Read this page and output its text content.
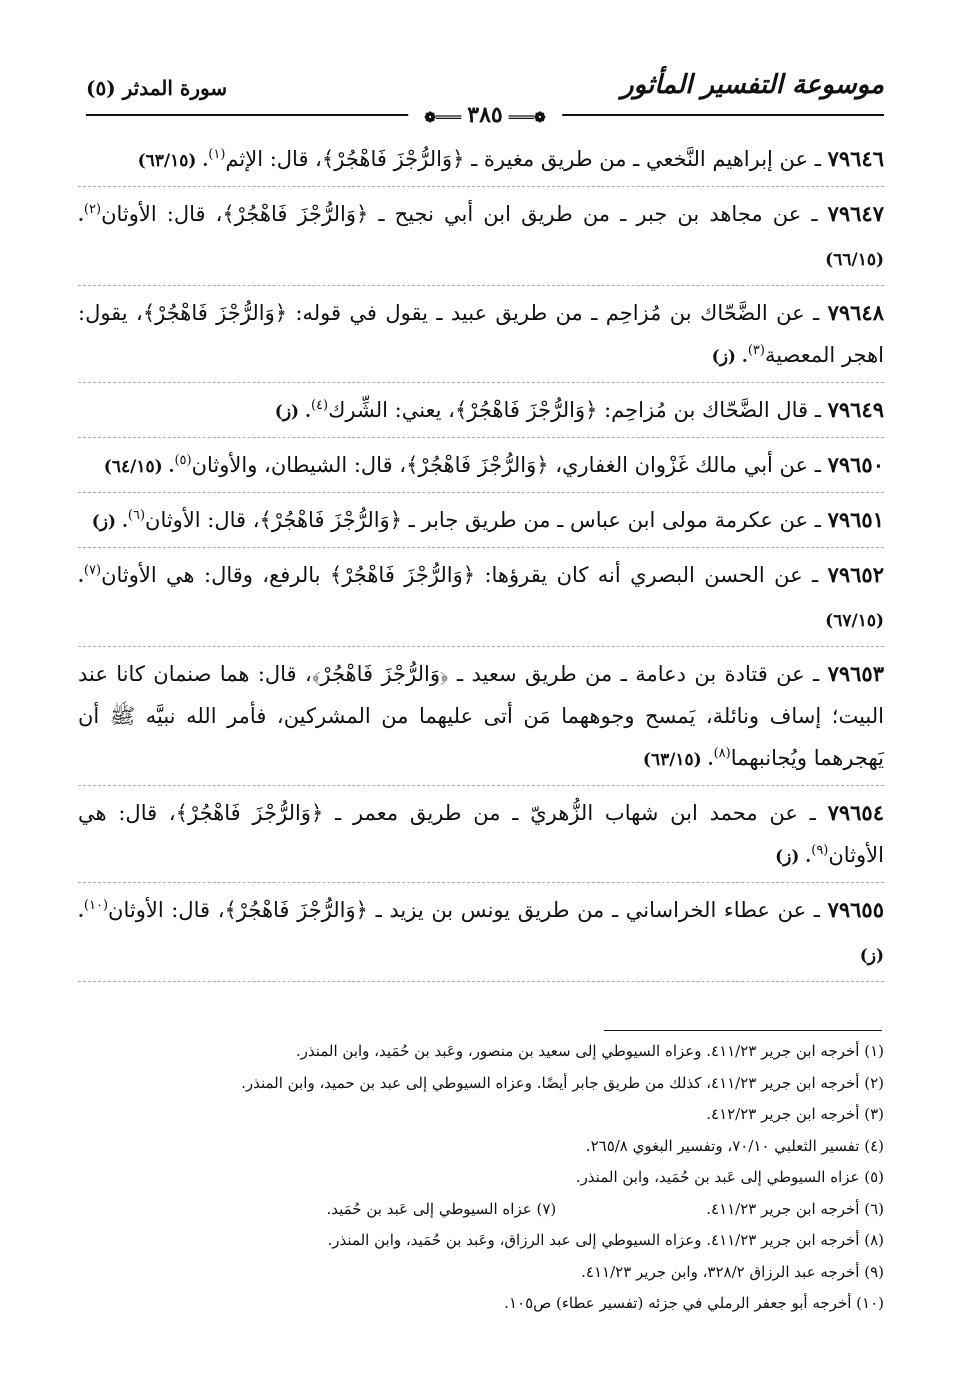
موسوعة التفسير المأثور
سورة المدثر (٥)
❁═══٣٨٥═══❁

٧٩٦٤٦ ـ عن إبراهيم النَّخعي ـ من طريق مغيرة ـ ﴿وَالرُّجْزَ فَاهْجُرْ﴾، قال: الإثم$^{(١)}$. (٦٣/١٥)

٧٩٦٤٧ ـ عن مجاهد بن جبر ـ من طريق ابن أبي نجيح ـ ﴿وَالرُّجْزَ فَاهْجُرْ﴾، قال: الأوثان$^{(٢)}$. (٦٦/١٥)

٧٩٦٤٨ ـ عن الضَّحّاك بن مُزاحِم ـ من طريق عبيد ـ يقول في قوله: ﴿وَالرُّجْزَ فَاهْجُرْ﴾، يقول: اهجر المعصية$^{(٣)}$. (ز)

٧٩٦٤٩ ـ قال الضَّحّاك بن مُزاحِم: ﴿وَالرُّجْزَ فَاهْجُرْ﴾، يعني: الشِّرك$^{(٤)}$. (ز)

٧٩٦٥٠ ـ عن أبي مالك غَزْوان الغفاري، ﴿وَالرُّجْزَ فَاهْجُرْ﴾، قال: الشيطان، والأوثان$^{(٥)}$. (٦٤/١٥)

٧٩٦٥١ ـ عن عكرمة مولى ابن عباس ـ من طريق جابر ـ ﴿وَالرُّجْزَ فَاهْجُرْ﴾، قال: الأوثان$^{(٦)}$. (ز)

٧٩٦٥٢ ـ عن الحسن البصري أنه كان يقرؤها: ﴿وَالرُّجْزَ فَاهْجُرْ﴾ بالرفع، وقال: هي الأوثان$^{(٧)}$. (٦٧/١٥)

٧٩٦٥٣ ـ عن قتادة بن دعامة ـ من طريق سعيد ـ ﴿وَالرُّجْزَ فَاهْجُرْ﴾، قال: هما صنمان كانا عند البيت؛ إساف ونائلة، يَمسح وجوههما مَن أتى عليهما من المشركين، فأمر الله نبيَّه ﷺ أن يَهجرهما ويُجانبهما$^{(٨)}$. (٦٣/١٥)

٧٩٦٥٤ ـ عن محمد ابن شهاب الزُّهريّ ـ من طريق معمر ـ ﴿وَالرُّجْزَ فَاهْجُرْ﴾، قال: هي الأوثان$^{(٩)}$. (ز)

٧٩٦٥٥ ـ عن عطاء الخراساني ـ من طريق يونس بن يزيد ـ ﴿وَالرُّجْزَ فَاهْجُرْ﴾، قال: الأوثان$^{(١٠)}$. (ز)

(١) أخرجه ابن جرير ٤١١/٢٣. وعزاه السيوطي إلى سعيد بن منصور، وعَبد بن حُمَيد، وابن المنذر.
(٢) أخرجه ابن جرير ٤١١/٢٣، كذلك من طريق جابر أيضًا. وعزاه السيوطي إلى عبد بن حميد، وابن المنذر.
(٣) أخرجه ابن جرير ٤١٢/٢٣.
(٤) تفسير الثعلبي ٧٠/١٠، وتفسير البغوي ٢٦٥/٨.
(٥) عزاه السيوطي إلى عَبد بن حُمَيد، وابن المنذر.
(٦) أخرجه ابن جرير ٤١١/٢٣.
(٧) عزاه السيوطي إلى عَبد بن حُمَيد.
(٨) أخرجه ابن جرير ٤١١/٢٣. وعزاه السيوطي إلى عبد الرزاق، وعَبد بن حُمَيد، وابن المنذر.
(٩) أخرجه عبد الرزاق ٣٢٨/٢، وابن جرير ٤١١/٢٣.
(١٠) أخرجه أبو جعفر الرملي في جزئه (تفسير عطاء) ص١٠٥.
